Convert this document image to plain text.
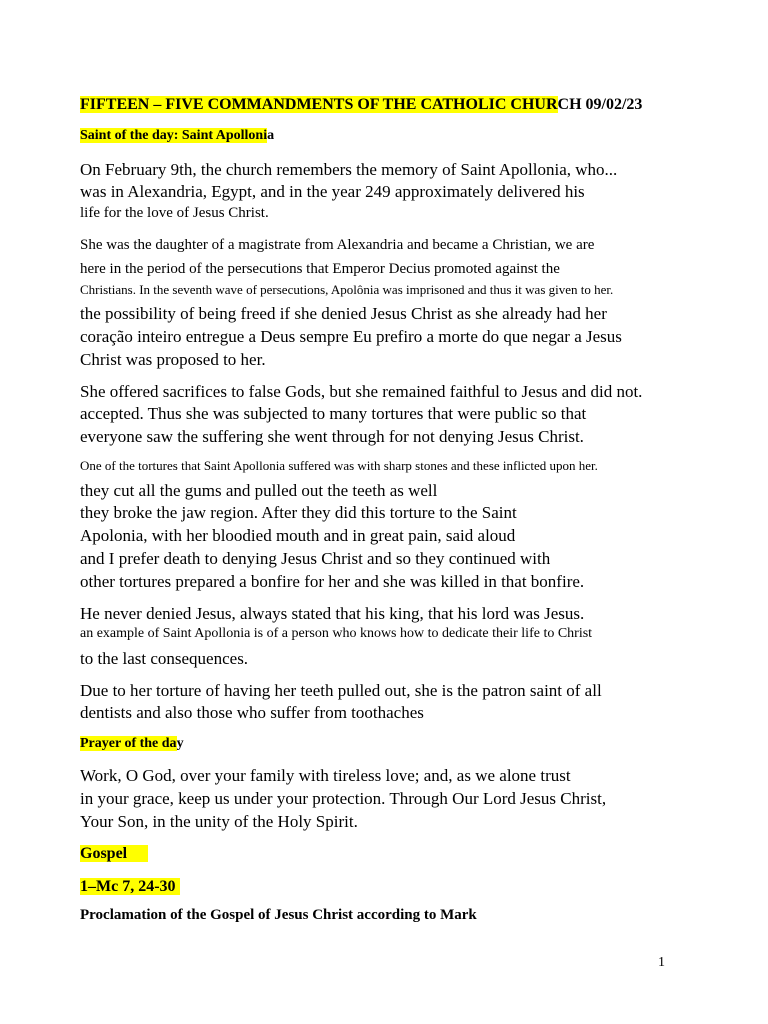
FIFTEEN – FIVE COMMANDMENTS OF THE CATHOLIC CHURCH 09/02/23
Saint of the day: Saint Apollonia
On February 9th, the church remembers the memory of Saint Apollonia, who...
was in Alexandria, Egypt, and in the year 249 approximately delivered his
life for the love of Jesus Christ.
She was the daughter of a magistrate from Alexandria and became a Christian, we are
here in the period of the persecutions that Emperor Decius promoted against the
Christians. In the seventh wave of persecutions, Apolônia was imprisoned and thus it was given to her.
the possibility of being freed if she denied Jesus Christ as she already had her
coração inteiro entregue a Deus sempre Eu prefiro a morte do que negar a Jesus
Christ was proposed to her.
She offered sacrifices to false Gods, but she remained faithful to Jesus and did not.
accepted. Thus she was subjected to many tortures that were public so that
everyone saw the suffering she went through for not denying Jesus Christ.
One of the tortures that Saint Apollonia suffered was with sharp stones and these inflicted upon her.
they cut all the gums and pulled out the teeth as well
they broke the jaw region. After they did this torture to the Saint
Apolonia, with her bloodied mouth and in great pain, said aloud
and I prefer death to denying Jesus Christ and so they continued with
other tortures prepared a bonfire for her and she was killed in that bonfire.
He never denied Jesus, always stated that his king, that his lord was Jesus.
an example of Saint Apollonia is of a person who knows how to dedicate their life to Christ
to the last consequences.
Due to her torture of having her teeth pulled out, she is the patron saint of all
dentists and also those who suffer from toothaches
Prayer of the day
Work, O God, over your family with tireless love; and, as we alone trust
in your grace, keep us under your protection. Through Our Lord Jesus Christ,
Your Son, in the unity of the Holy Spirit.
Gospel
1–Mc 7, 24-30
Proclamation of the Gospel of Jesus Christ according to Mark
1
